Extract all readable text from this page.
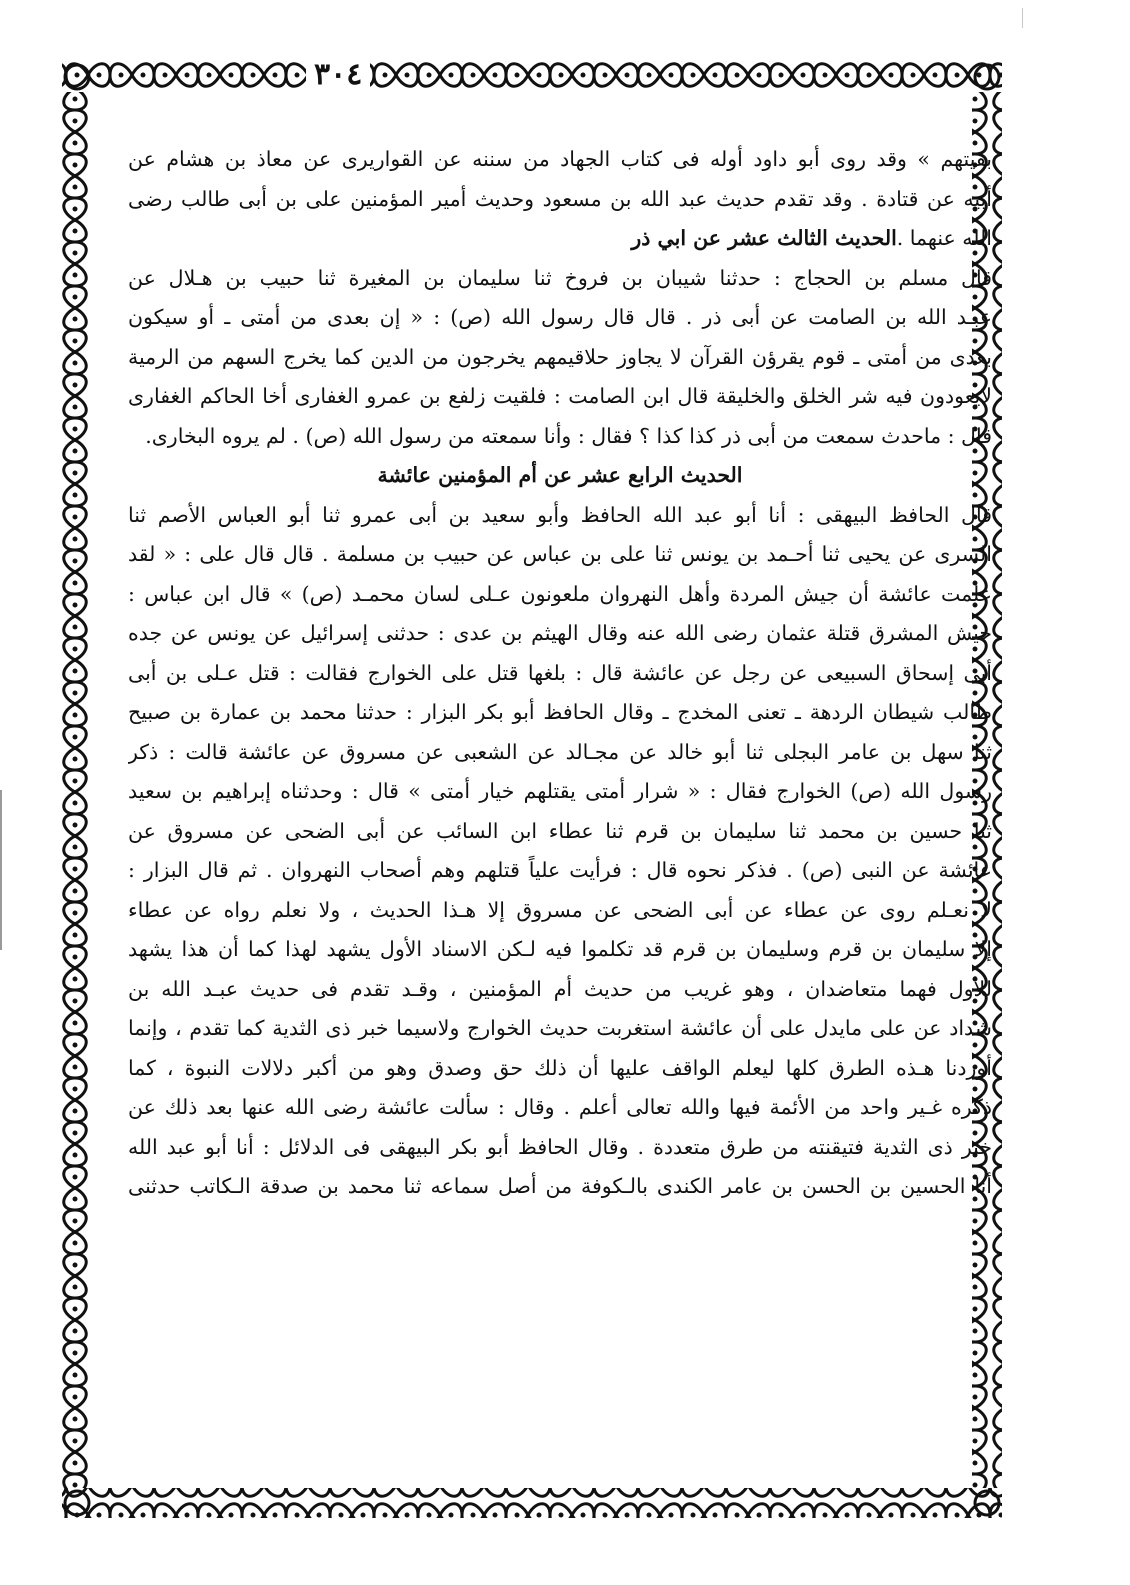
٣٠٤
بقيتهم » وقد روى أبو داود أوله فى كتاب الجهاد من سننه عن القواريرى عن معاذ بن هشام عن
أبيه عن قتادة . وقد تقدم حديث عبد الله بن مسعود وحديث أمير المؤمنين على بن أبى طالب رضى
الله عنهما .
الحديث الثالث عشر عن ابي ذر
قال مسلم بن الحجاج : حدثنا شيبان بن فروخ ثنا سليمان بن المغيرة ثنا حبيب بن هـلال عن
عبـد الله بن الصامت عن أبى ذر . قال قال رسول الله (ص) : « إن بعدى من أمتى ـ أو سيكون
بعدى من أمتى ـ قوم يقرؤن القرآن لا يجاوز حلاقيمهم يخرجون من الدين كما يخرج السهم من الرمية
لايعودون فيه شر الخلق والخليقة قال ابن الصامت : فلقيت زلفع بن عمرو الغفارى أخا الحاكم الغفارى
قال : ماحدث سمعت من أبى ذر كذا كذا ؟ فقال : وأنا سمعته من رسول الله (ص) . لم يروه البخارى.
الحديث الرابع عشر عن أم المؤمنين عائشة
قال الحافظ البيهقى : أنا أبو عبد الله الحافظ وأبو سعيد بن أبى عمرو ثنا أبو العباس الأصم ثنا
السرى عن يحيى ثنا أحـمد بن يونس ثنا على بن عباس عن حبيب بن مسلمة . قال قال على : « لقد
علمت عائشة أن جيش المردة وأهل النهروان ملعونون عـلى لسان محمـد (ص) » قال ابن عباس :
جيش المشرق قتلة عثمان رضى الله عنه وقال الهيثم بن عدى : حدثنى إسرائيل عن يونس عن جده
أبى إسحاق السبيعى عن رجل عن عائشة قال : بلغها قتل على الخوارج فقالت : قتل عـلى بن أبى
طالب شيطان الردهة ـ تعنى المخدج ـ وقال الحافظ أبو بكر البزار : حدثنا محمد بن عمارة بن صبيح
ثنا سهل بن عامر البجلى ثنا أبو خالد عن مجـالد عن الشعبى عن مسروق عن عائشة قالت : ذكر
رسول الله (ص) الخوارج فقال : « شرار أمتى يقتلهم خيار أمتى » قال : وحدثناه إبراهيم بن سعيد
ثنا حسين بن محمد ثنا سليمان بن قرم ثنا عطاء ابن السائب عن أبى الضحى عن مسروق عن
عائشة عن النبى (ص) . فذكر نحوه قال : فرأيت علياً قتلهم وهم أصحاب النهروان . ثم قال البزار :
لا نعـلم روى عن عطاء عن أبى الضحى عن مسروق إلا هـذا الحديث ، ولا نعلم رواه عن عطاء
إلا سليمان بن قرم وسليمان بن قرم قد تكلموا فيه لـكن الاسناد الأول يشهد لهذا كما أن هذا يشهد
للأول فهما متعاضدان ، وهو غريب من حديث أم المؤمنين ، وقـد تقدم فى حديث عبـد الله بن
شداد عن على مايدل على أن عائشة استغربت حديث الخوارج ولاسيما خبر ذى الثدية كما تقدم ، وإنما
أوردنا هـذه الطرق كلها ليعلم الواقف عليها أن ذلك حق وصدق وهو من أكبر دلالات النبوة ، كما
ذكره غـير واحد من الأئمة فيها والله تعالى أعلم . وقال : سألت عائشة رضى الله عنها بعد ذلك عن
خبر ذى الثدية فتيقنته من طرق متعددة . وقال الحافظ أبو بكر البيهقى فى الدلائل : أنا أبو عبد الله
أنا الحسين بن الحسن بن عامر الكندى بالـكوفة من أصل سماعه ثنا محمد بن صدقة الـكاتب حدثنى
